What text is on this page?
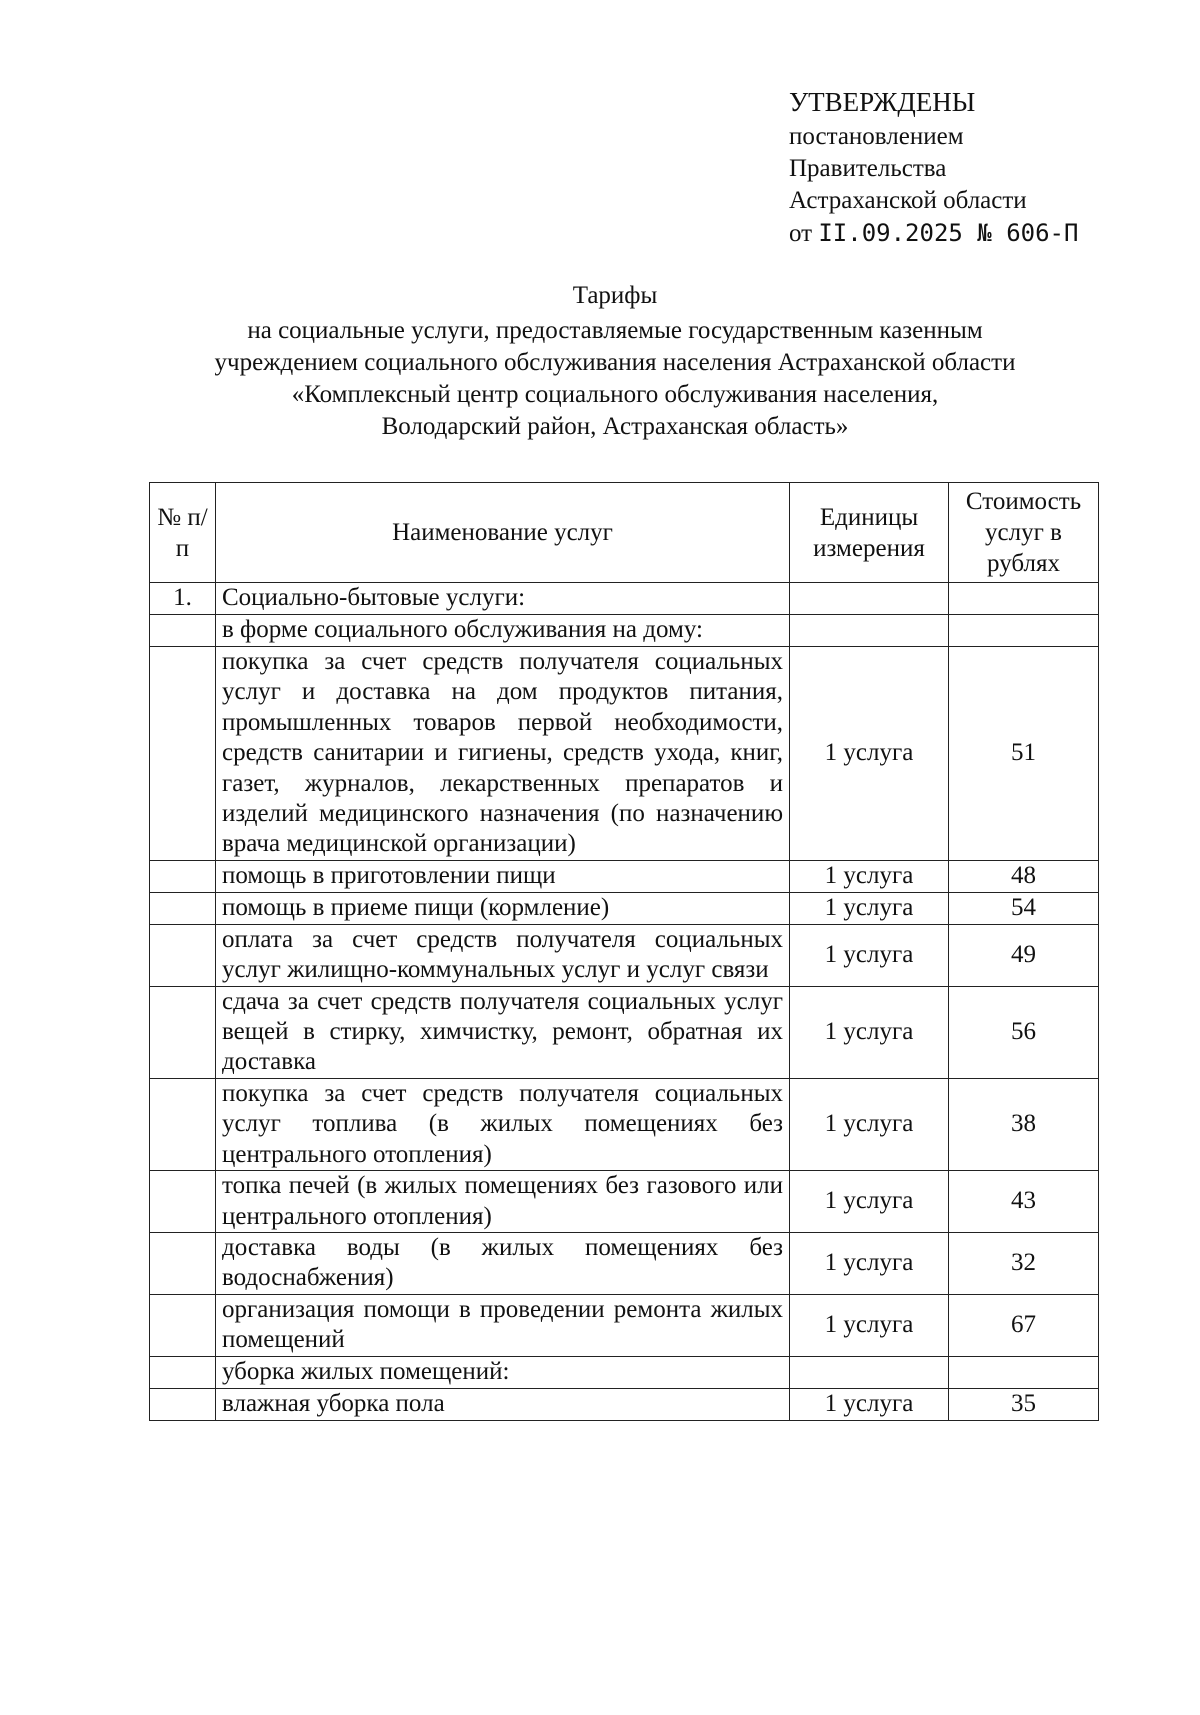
УТВЕРЖДЕНЫ
постановлением
Правительства
Астраханской области
от II.09.2025 № 606-П
Тарифы
на социальные услуги, предоставляемые государственным казенным
учреждением социального обслуживания населения Астраханской области
«Комплексный центр социального обслуживания населения,
Володарский район, Астраханская область»
№ п/п	Наименование услуг	Единицы измерения	Стоимость услуг в рублях
1.	Социально-бытовые услуги:		
	в форме социального обслуживания на дому:		
	покупка за счет средств получателя социальных услуг и доставка на дом продуктов питания, промышленных товаров первой необходимости, средств санитарии и гигиены, средств ухода, книг, газет, журналов, лекарственных препаратов и изделий медицинского назначения (по назначению врача медицинской организации)	1 услуга	51
	помощь в приготовлении пищи	1 услуга	48
	помощь в приеме пищи (кормление)	1 услуга	54
	оплата за счет средств получателя социальных услуг жилищно-коммунальных услуг и услуг связи	1 услуга	49
	сдача за счет средств получателя социальных услуг вещей в стирку, химчистку, ремонт, обратная их доставка	1 услуга	56
	покупка за счет средств получателя социальных услуг топлива (в жилых помещениях без центрального отопления)	1 услуга	38
	топка печей (в жилых помещениях без газового или центрального отопления)	1 услуга	43
	доставка воды (в жилых помещениях без водоснабжения)	1 услуга	32
	организация помощи в проведении ремонта жилых помещений	1 услуга	67
	уборка жилых помещений:		
	влажная уборка пола	1 услуга	35
